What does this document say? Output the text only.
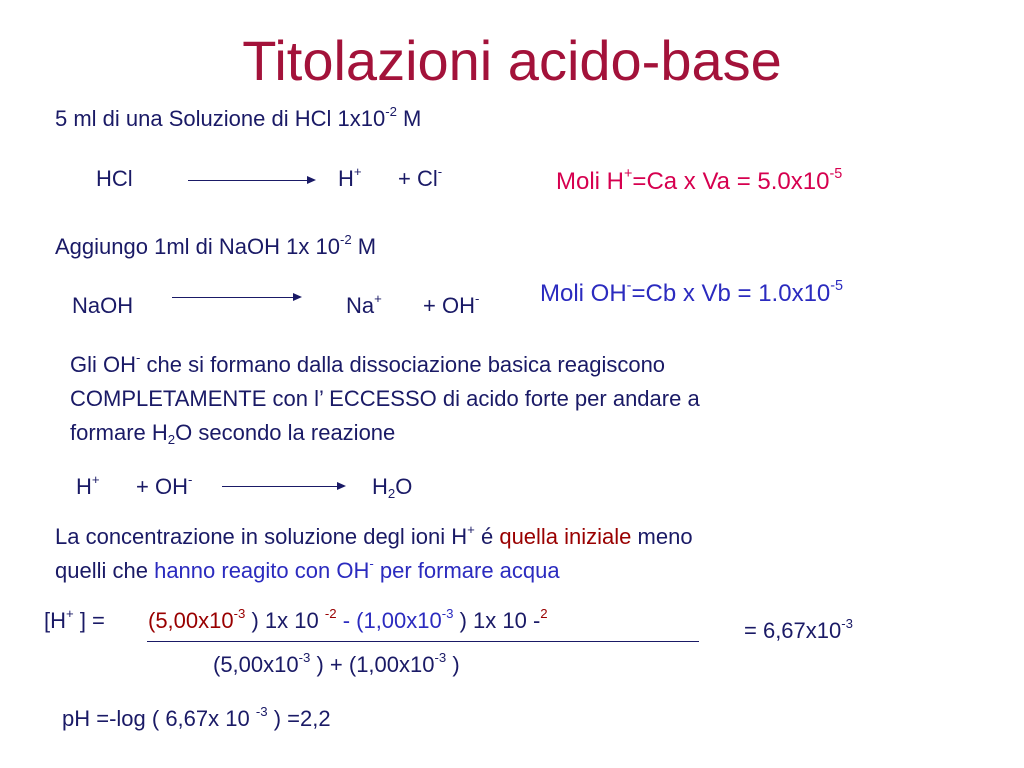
Titolazioni acido-base
5 ml di una Soluzione di HCl $1x10^{-2}$ M
HCl	H+ + Cl-	Moli H+=Ca x $Va = 5.0x10^{-5}$
Aggiungo 1ml di NaOH 1x $10^{-2}$ M
NaOH	Na+ + OH-	Moli OH-=Cb x $Vb = 1.0x10^{-5}$
Gli OH- che si formano dalla dissociazione basica reagiscono
COMPLETAMENTE con l’ ECCESSO di acido forte per andare a
formare $H_2O$ secondo la reazione
H+ + OH-	$H_2O$
La concentrazione in soluzione degl ioni H+ é quella iniziale meno
quelli che hanno reagito con OH- per formare acqua
[H+ ] = ($5,00x10^{-3}$ ) 1x 10 $^{-2} - (1,00x10^{-3}$ ) 1x 10 -$^2$
($5,00x10^{-3}$ ) + ($1,00x10^{-3}$ )
= $6,67x10^{-3}$
pH =-log ( 6,67x 10 $^{-3}$ ) =2,2
